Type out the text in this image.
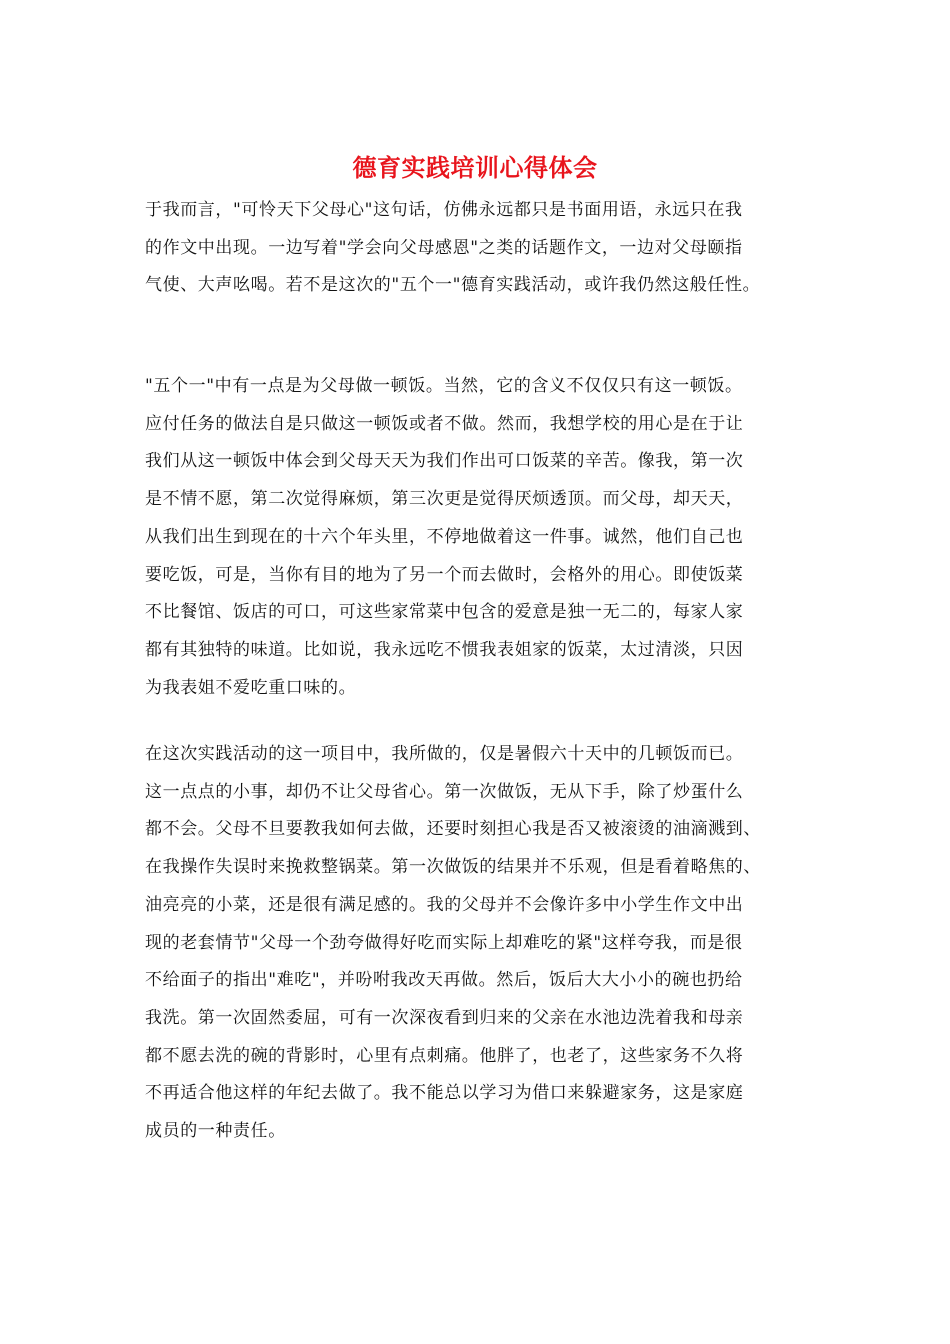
德育实践培训心得体会
于我而言，"可怜天下父母心"这句话，仿佛永远都只是书面用语，永远只在我
的作文中出现。一边写着"学会向父母感恩"之类的话题作文，一边对父母颐指
气使、大声吆喝。若不是这次的"五个一"德育实践活动，或许我仍然这般任性。
"五个一"中有一点是为父母做一顿饭。当然，它的含义不仅仅只有这一顿饭。
应付任务的做法自是只做这一顿饭或者不做。然而，我想学校的用心是在于让
我们从这一顿饭中体会到父母天天为我们作出可口饭菜的辛苦。像我，第一次
是不情不愿，第二次觉得麻烦，第三次更是觉得厌烦透顶。而父母，却天天，
从我们出生到现在的十六个年头里，不停地做着这一件事。诚然，他们自己也
要吃饭，可是，当你有目的地为了另一个而去做时，会格外的用心。即使饭菜
不比餐馆、饭店的可口，可这些家常菜中包含的爱意是独一无二的，每家人家
都有其独特的味道。比如说，我永远吃不惯我表姐家的饭菜，太过清淡，只因
为我表姐不爱吃重口味的。
在这次实践活动的这一项目中，我所做的，仅是暑假六十天中的几顿饭而已。
这一点点的小事，却仍不让父母省心。第一次做饭，无从下手，除了炒蛋什么
都不会。父母不旦要教我如何去做，还要时刻担心我是否又被滚烫的油滴溅到、
在我操作失误时来挽救整锅菜。第一次做饭的结果并不乐观，但是看着略焦的、
油亮亮的小菜，还是很有满足感的。我的父母并不会像许多中小学生作文中出
现的老套情节"父母一个劲夸做得好吃而实际上却难吃的紧"这样夸我，而是很
不给面子的指出"难吃"，并吩咐我改天再做。然后，饭后大大小小的碗也扔给
我洗。第一次固然委屈，可有一次深夜看到归来的父亲在水池边洗着我和母亲
都不愿去洗的碗的背影时，心里有点刺痛。他胖了，也老了，这些家务不久将
不再适合他这样的年纪去做了。我不能总以学习为借口来躲避家务，这是家庭
成员的一种责任。
